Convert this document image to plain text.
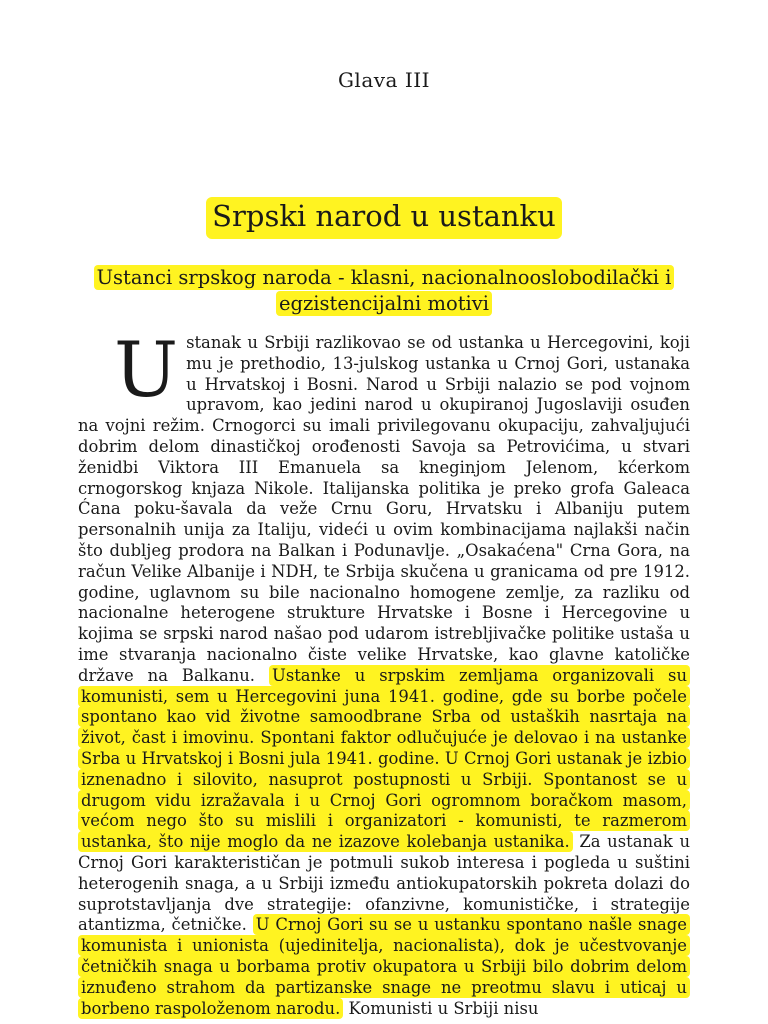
Glava III
Srpski narod u ustanku
Ustanci srpskog naroda - klasni, nacionalnooslobodilački i egzistencijalni motivi
U stanak u Srbiji razlikovao se od ustanka u Hercegovini, koji mu je prethodio, 13-julskog ustanka u Crnoj Gori, ustanaka u Hrvatskoj i Bosni. Narod u Srbiji nalazio se pod vojnom upravom, kao jedini narod u okupiranoj Jugoslaviji osuđen na vojni režim. Crnogorci su imali privilegovanu okupaciju, zahvaljujući dobrim delom dinastičkoj orođenosti Savoja sa Petrovićima, u stvari ženidbi Viktora III Emanuela sa kneginjom Jelenom, kćerkom crnogorskog knjaza Nikole. Italijanska politika je preko grofa Galeaca Ćana poku-šavala da veže Crnu Goru, Hrvatsku i Albaniju putem personalnih unija za Italiju, videći u ovim kombinacijama najlakši način što dubljeg prodora na Balkan i Podunavlje. „Osakaćena" Crna Gora, na račun Velike Albanije i NDH, te Srbija skučena u granicama od pre 1912. godine, uglavnom su bile nacionalno homogene zemlje, za razliku od nacionalne heterogene strukture Hrvatske i Bosne i Hercegovine u kojima se srpski narod našao pod udarom istrebljivačke politike ustaša u ime stvaranja nacionalno čiste velike Hrvatske, kao glavne katoličke države na Balkanu. Ustanke u srpskim zemljama organizovali su komunisti, sem u Hercegovini juna 1941. godine, gde su borbe počele spontano kao vid životne samoodbrane Srba od ustaških nasrtaja na život, čast i imovinu. Spontani faktor odlučujuće je delovao i na ustanke Srba u Hrvatskoj i Bosni jula 1941. godine. U Crnoj Gori ustanak je izbio iznenadno i silovito, nasuprot postupnosti u Srbiji. Spontanost se u drugom vidu izražavala i u Crnoj Gori ogromnom boračkom masom, većom nego što su mislili i organizatori - komunisti, te razmerom ustanka, što nije moglo da ne izazove kolebanja ustanika. Za ustanak u Crnoj Gori karakterističan je potmuli sukob interesa i pogleda u suštini heterogenih snaga, a u Srbiji između antiokupatorskih pokreta dolazi do suprotstavljanja dve strategije: ofanzivne, komunističke, i strategije atantizma, četničke. U Crnoj Gori su se u ustanku spontano našle snage komunista i unionista (ujedinitelja, nacionalista), dok je učestvovanje četničkih snaga u borbama protiv okupatora u Srbiji bilo dobrim delom iznuđeno strahom da partizanske snage ne preotmu slavu i uticaj u borbeno raspoloženom narodu. Komunisti u Srbiji nisu
